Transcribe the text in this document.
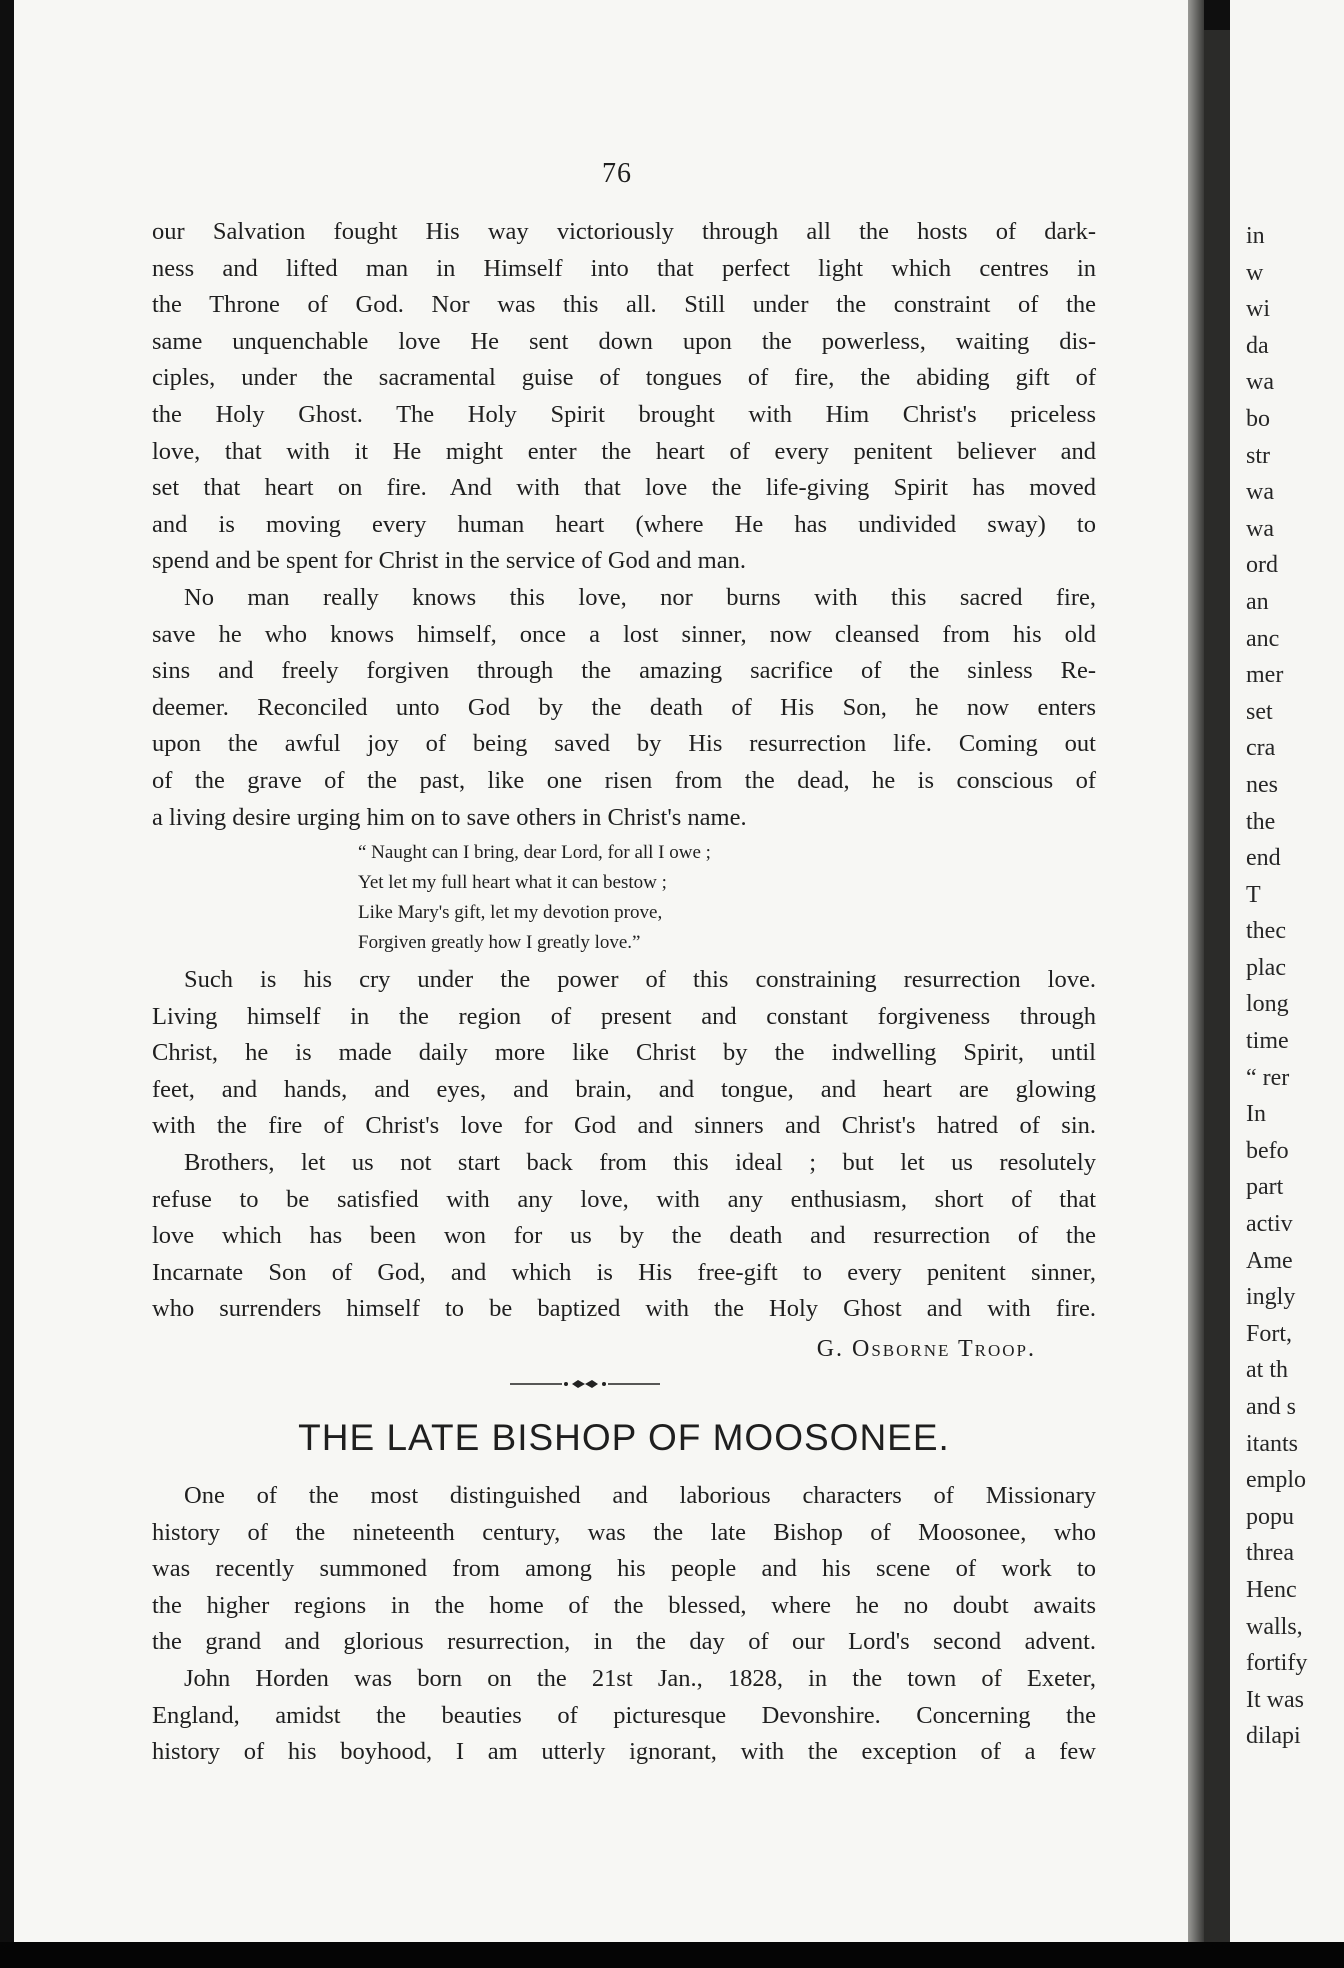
in
w
wi
da
wa
bo
str
wa
wa
ord
an
anc
mer
set
cra
nes
the
end
T
thec
plac
long
time
“ rer
In
befo
part
activ
Ame
ingly
Fort,
at th
and s
itants
emplo
popu
threa
Henc
walls,
fortify
It was
dilapi
76
our Salvation fought His way victoriously through all the hosts of dark-
ness and lifted man in Himself into that perfect light which centres in
the Throne of God. Nor was this all. Still under the constraint of the
same unquenchable love He sent down upon the powerless, waiting dis-
ciples, under the sacramental guise of tongues of fire, the abiding gift of
the Holy Ghost. The Holy Spirit brought with Him Christ's priceless
love, that with it He might enter the heart of every penitent believer and
set that heart on fire. And with that love the life-giving Spirit has moved
and is moving every human heart (where He has undivided sway) to
spend and be spent for Christ in the service of God and man.
No man really knows this love, nor burns with this sacred fire,
save he who knows himself, once a lost sinner, now cleansed from his old
sins and freely forgiven through the amazing sacrifice of the sinless Re-
deemer. Reconciled unto God by the death of His Son, he now enters
upon the awful joy of being saved by His resurrection life. Coming out
of the grave of the past, like one risen from the dead, he is conscious of
a living desire urging him on to save others in Christ's name.
“ Naught can I bring, dear Lord, for all I owe ;
Yet let my full heart what it can bestow ;
Like Mary's gift, let my devotion prove,
Forgiven greatly how I greatly love.”
Such is his cry under the power of this constraining resurrection love.
Living himself in the region of present and constant forgiveness through
Christ, he is made daily more like Christ by the indwelling Spirit, until
feet, and hands, and eyes, and brain, and tongue, and heart are glowing
with the fire of Christ's love for God and sinners and Christ's hatred of sin.
Brothers, let us not start back from this ideal ; but let us resolutely
refuse to be satisfied with any love, with any enthusiasm, short of that
love which has been won for us by the death and resurrection of the
Incarnate Son of God, and which is His free-gift to every penitent sinner,
who surrenders himself to be baptized with the Holy Ghost and with fire.
G. Osborne Troop.
THE LATE BISHOP OF MOOSONEE.
One of the most distinguished and laborious characters of Missionary
history of the nineteenth century, was the late Bishop of Moosonee, who
was recently summoned from among his people and his scene of work to
the higher regions in the home of the blessed, where he no doubt awaits
the grand and glorious resurrection, in the day of our Lord's second advent.
John Horden was born on the 21st Jan., 1828, in the town of Exeter,
England, amidst the beauties of picturesque Devonshire. Concerning the
history of his boyhood, I am utterly ignorant, with the exception of a few
